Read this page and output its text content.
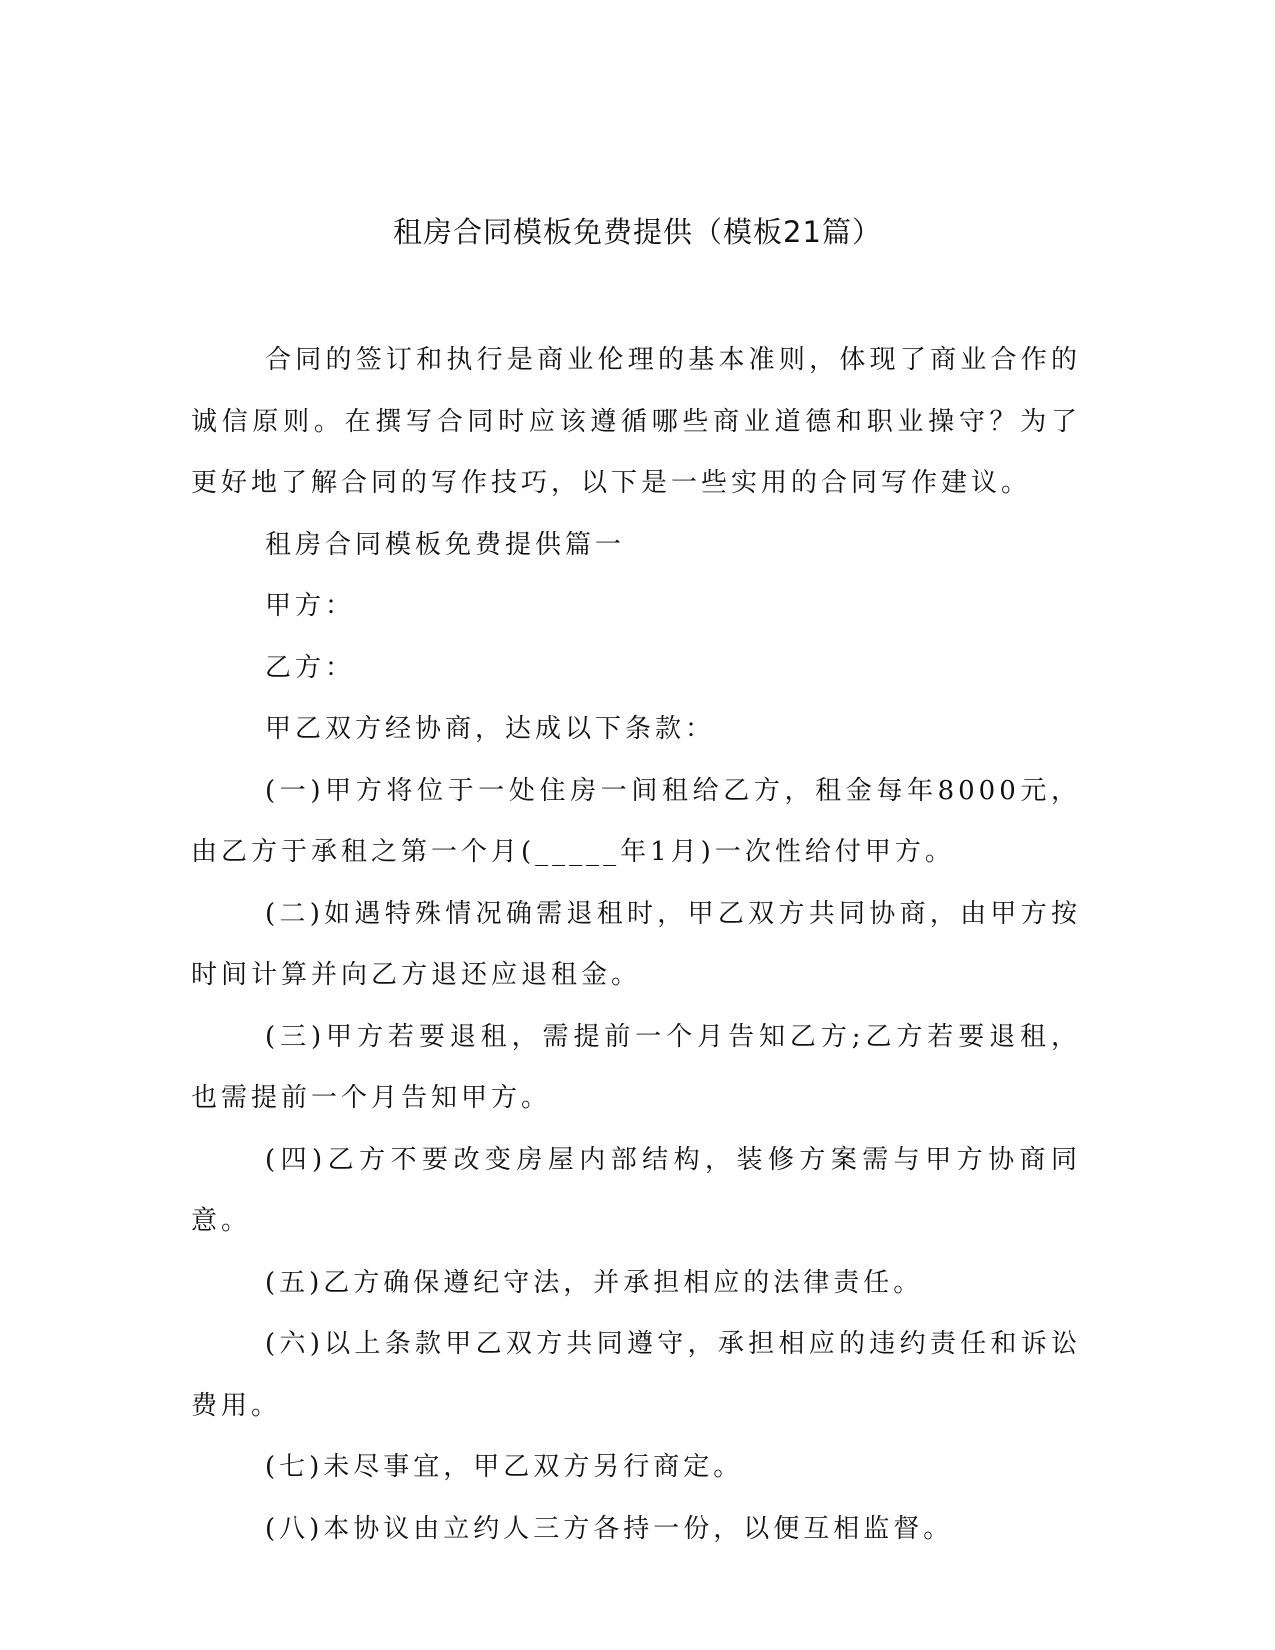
租房合同模板免费提供（模板21篇）

合同的签订和执行是商业伦理的基本准则，体现了商业合作的诚信原则。在撰写合同时应该遵循哪些商业道德和职业操守？为了更好地了解合同的写作技巧，以下是一些实用的合同写作建议。

租房合同模板免费提供篇一

甲方：

乙方：

甲乙双方经协商，达成以下条款：

(一)甲方将位于一处住房一间租给乙方，租金每年8000元，由乙方于承租之第一个月(_____年1月)一次性给付甲方。

(二)如遇特殊情况确需退租时，甲乙双方共同协商，由甲方按时间计算并向乙方退还应退租金。

(三)甲方若要退租，需提前一个月告知乙方;乙方若要退租，也需提前一个月告知甲方。

(四)乙方不要改变房屋内部结构，装修方案需与甲方协商同意。

(五)乙方确保遵纪守法，并承担相应的法律责任。

(六)以上条款甲乙双方共同遵守，承担相应的违约责任和诉讼费用。

(七)未尽事宜，甲乙双方另行商定。

(八)本协议由立约人三方各持一份，以便互相监督。
